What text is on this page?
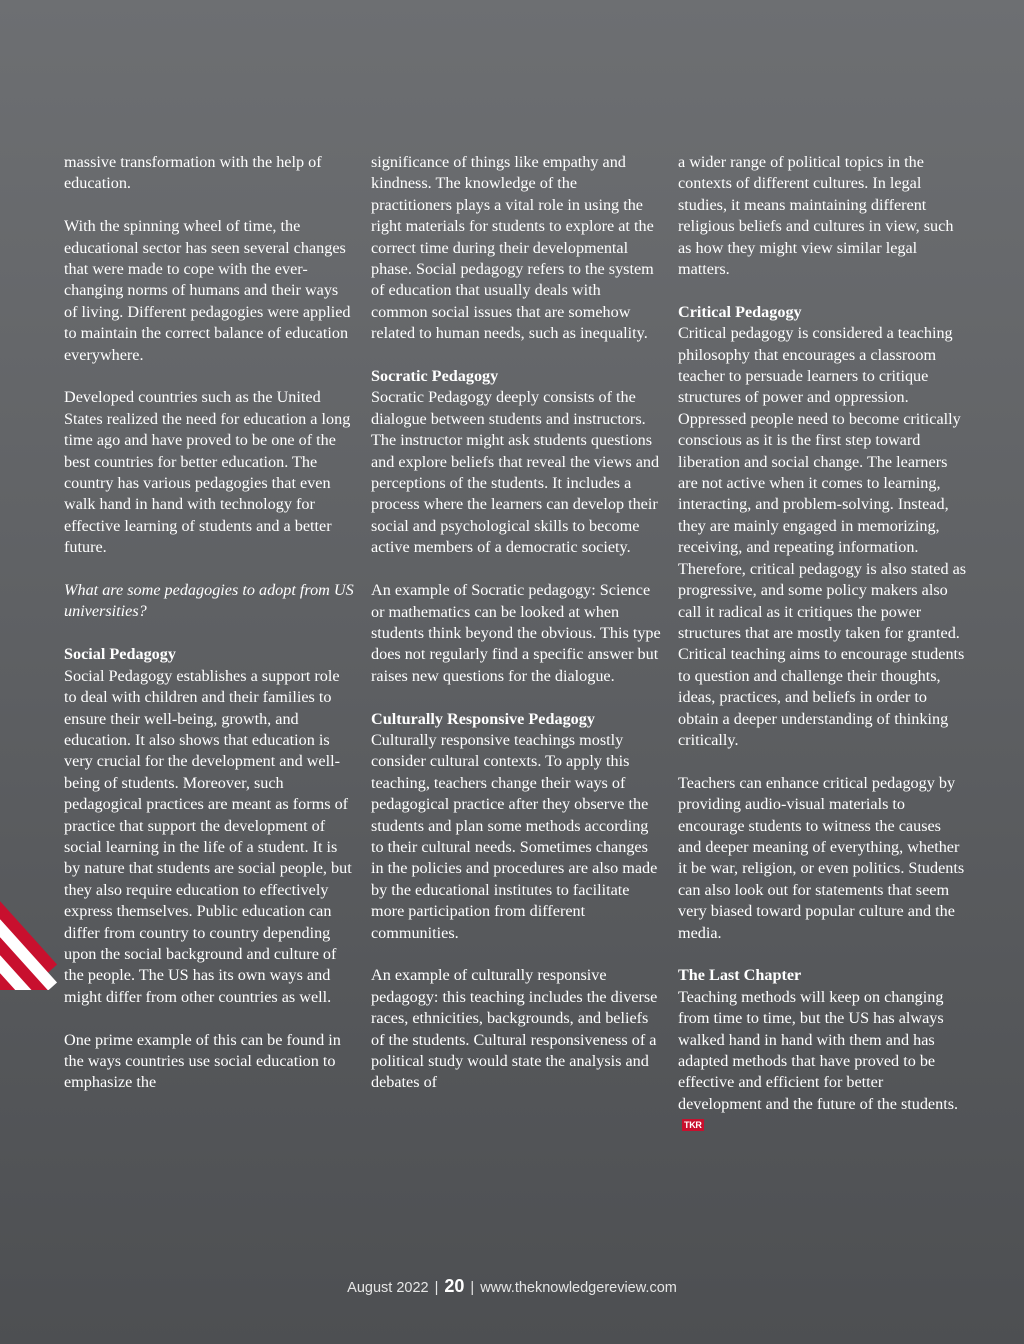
massive transformation with the help of education.

With the spinning wheel of time, the educational sector has seen several changes that were made to cope with the ever-changing norms of humans and their ways of living. Different pedagogies were applied to maintain the correct balance of education everywhere.

Developed countries such as the United States realized the need for education a long time ago and have proved to be one of the best countries for better education. The country has various pedagogies that even walk hand in hand with technology for effective learning of students and a better future.

What are some pedagogies to adopt from US universities?

Social Pedagogy

Social Pedagogy establishes a support role to deal with children and their families to ensure their well-being, growth, and education. It also shows that education is very crucial for the development and well-being of students. Moreover, such pedagogical practices are meant as forms of practice that support the development of social learning in the life of a student. It is by nature that students are social people, but they also require education to effectively express themselves. Public education can differ from country to country depending upon the social background and culture of the people. The US has its own ways and might differ from other countries as well.

One prime example of this can be found in the ways countries use social education to emphasize the

significance of things like empathy and kindness. The knowledge of the practitioners plays a vital role in using the right materials for students to explore at the correct time during their developmental phase. Social pedagogy refers to the system of education that usually deals with common social issues that are somehow related to human needs, such as inequality.

Socratic Pedagogy

Socratic Pedagogy deeply consists of the dialogue between students and instructors. The instructor might ask students questions and explore beliefs that reveal the views and perceptions of the students. It includes a process where the learners can develop their social and psychological skills to become active members of a democratic society.

An example of Socratic pedagogy: Science or mathematics can be looked at when students think beyond the obvious. This type does not regularly find a specific answer but raises new questions for the dialogue.

Culturally Responsive Pedagogy

Culturally responsive teachings mostly consider cultural contexts. To apply this teaching, teachers change their ways of pedagogical practice after they observe the students and plan some methods according to their cultural needs. Sometimes changes in the policies and procedures are also made by the educational institutes to facilitate more participation from different communities.

An example of culturally responsive pedagogy: this teaching includes the diverse races, ethnicities, backgrounds, and beliefs of the students. Cultural responsiveness of a political study would state the analysis and debates of

a wider range of political topics in the contexts of different cultures. In legal studies, it means maintaining different religious beliefs and cultures in view, such as how they might view similar legal matters.

Critical Pedagogy

Critical pedagogy is considered a teaching philosophy that encourages a classroom teacher to persuade learners to critique structures of power and oppression. Oppressed people need to become critically conscious as it is the first step toward liberation and social change. The learners are not active when it comes to learning, interacting, and problem-solving. Instead, they are mainly engaged in memorizing, receiving, and repeating information. Therefore, critical pedagogy is also stated as progressive, and some policy makers also call it radical as it critiques the power structures that are mostly taken for granted. Critical teaching aims to encourage students to question and challenge their thoughts, ideas, practices, and beliefs in order to obtain a deeper understanding of thinking critically.

Teachers can enhance critical pedagogy by providing audio-visual materials to encourage students to witness the causes and deeper meaning of everything, whether it be war, religion, or even politics. Students can also look out for statements that seem very biased toward popular culture and the media.

The Last Chapter

Teaching methods will keep on changing from time to time, but the US has always walked hand in hand with them and has adapted methods that have proved to be effective and efficient for better development and the future of the students.TKR

August 2022 | 20 | www.theknowledgereview.com
